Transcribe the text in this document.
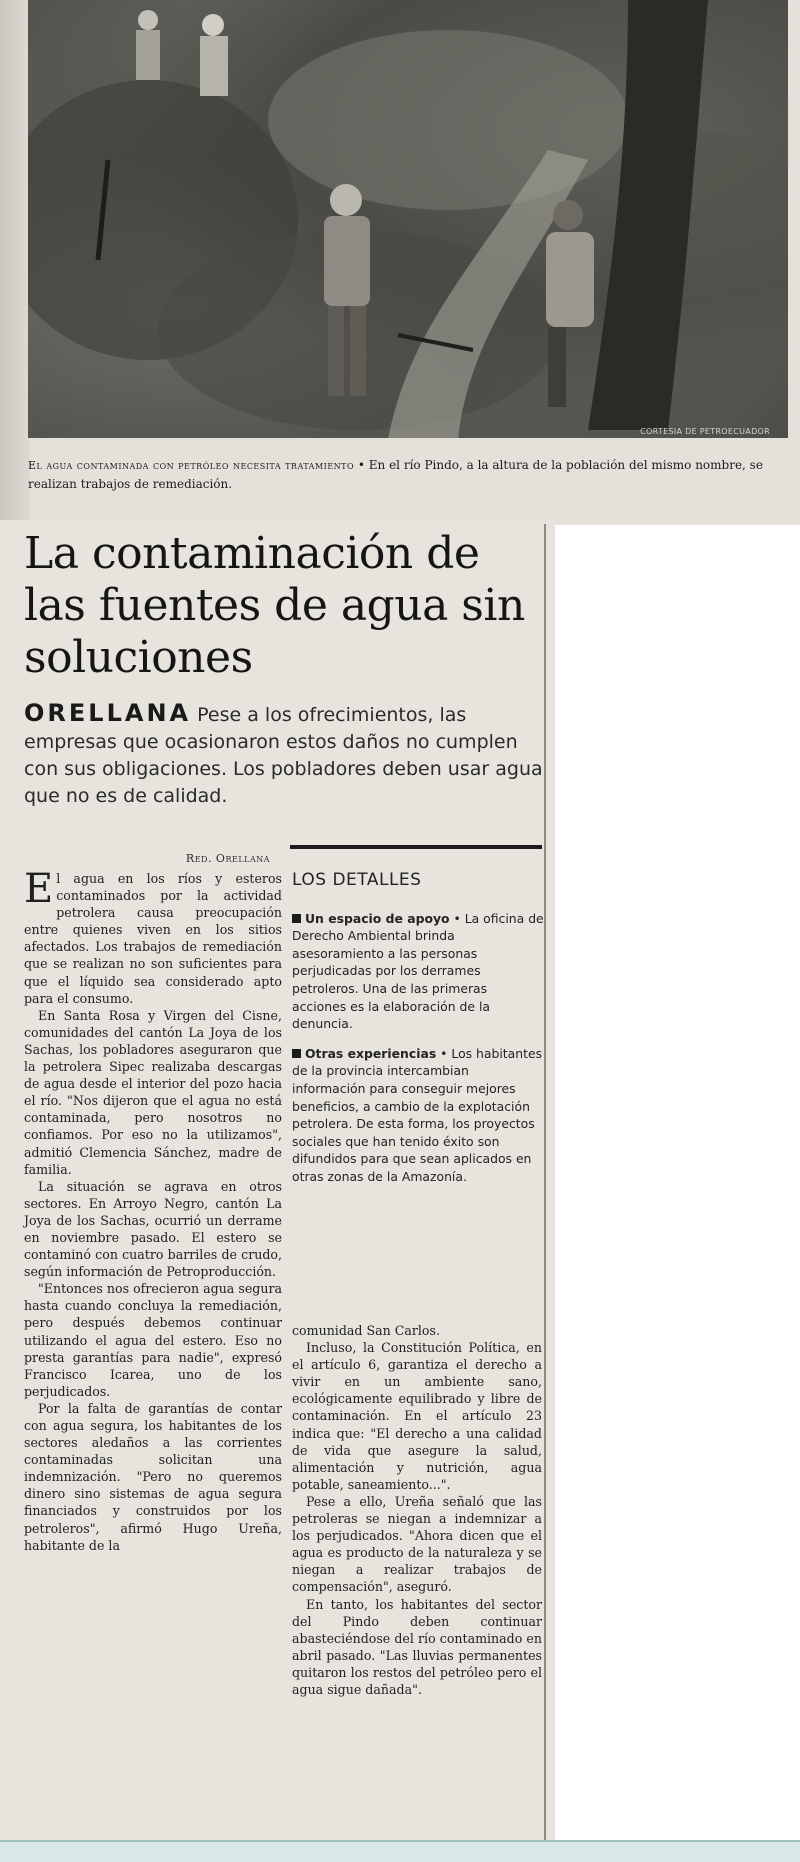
CORTESIA DE PETROECUADOR
El agua contaminada con petróleo necesita tratamiento • En el río Pindo, a la altura de la población del mismo nombre, se realizan trabajos de remediación.
La contaminación de las fuentes de agua sin soluciones
ORELLANA Pese a los ofrecimientos, las empresas que ocasionaron estos daños no cumplen con sus obligaciones. Los pobladores deben usar agua que no es de calidad.
Red. Orellana

El agua en los ríos y esteros contaminados por la actividad petrolera causa preocupación entre quienes viven en los sitios afectados. Los trabajos de remediación que se realizan no son suficientes para que el líquido sea considerado apto para el consumo.

En Santa Rosa y Virgen del Cisne, comunidades del cantón La Joya de los Sachas, los pobladores aseguraron que la petrolera Sipec realizaba descargas de agua desde el interior del pozo hacia el río. "Nos dijeron que el agua no está contaminada, pero nosotros no confiamos. Por eso no la utilizamos", admitió Clemencia Sánchez, madre de familia.

La situación se agrava en otros sectores. En Arroyo Negro, cantón La Joya de los Sachas, ocurrió un derrame en noviembre pasado. El estero se contaminó con cuatro barriles de crudo, según información de Petroproducción.

"Entonces nos ofrecieron agua segura hasta cuando concluya la remediación, pero después debemos continuar utilizando el agua del estero. Eso no presta garantías para nadie", expresó Francisco Icarea, uno de los perjudicados.

Por la falta de garantías de contar con agua segura, los habitantes de los sectores aledaños a las corrientes contaminadas solicitan una indemnización. "Pero no queremos dinero sino sistemas de agua segura financiados y construidos por los petroleros", afirmó Hugo Ureña, habitante de la

LOS DETALLES

Un espacio de apoyo • La oficina de Derecho Ambiental brinda asesoramiento a las personas perjudicadas por los derrames petroleros. Una de las primeras acciones es la elaboración de la denuncia.

Otras experiencias • Los habitantes de la provincia intercambian información para conseguir mejores beneficios, a cambio de la explotación petrolera. De esta forma, los proyectos sociales que han tenido éxito son difundidos para que sean aplicados en otras zonas de la Amazonía.

comunidad San Carlos.

Incluso, la Constitución Política, en el artículo 6, garantiza el derecho a vivir en un ambiente sano, ecológicamente equilibrado y libre de contaminación. En el artículo 23 indica que: "El derecho a una calidad de vida que asegure la salud, alimentación y nutrición, agua potable, saneamiento...".

Pese a ello, Ureña señaló que las petroleras se niegan a indemnizar a los perjudicados. "Ahora dicen que el agua es producto de la naturaleza y se niegan a realizar trabajos de compensación", aseguró.

En tanto, los habitantes del sector del Pindo deben continuar abasteciéndose del río contaminado en abril pasado. "Las lluvias permanentes quitaron los restos del petróleo pero el agua sigue dañada".
